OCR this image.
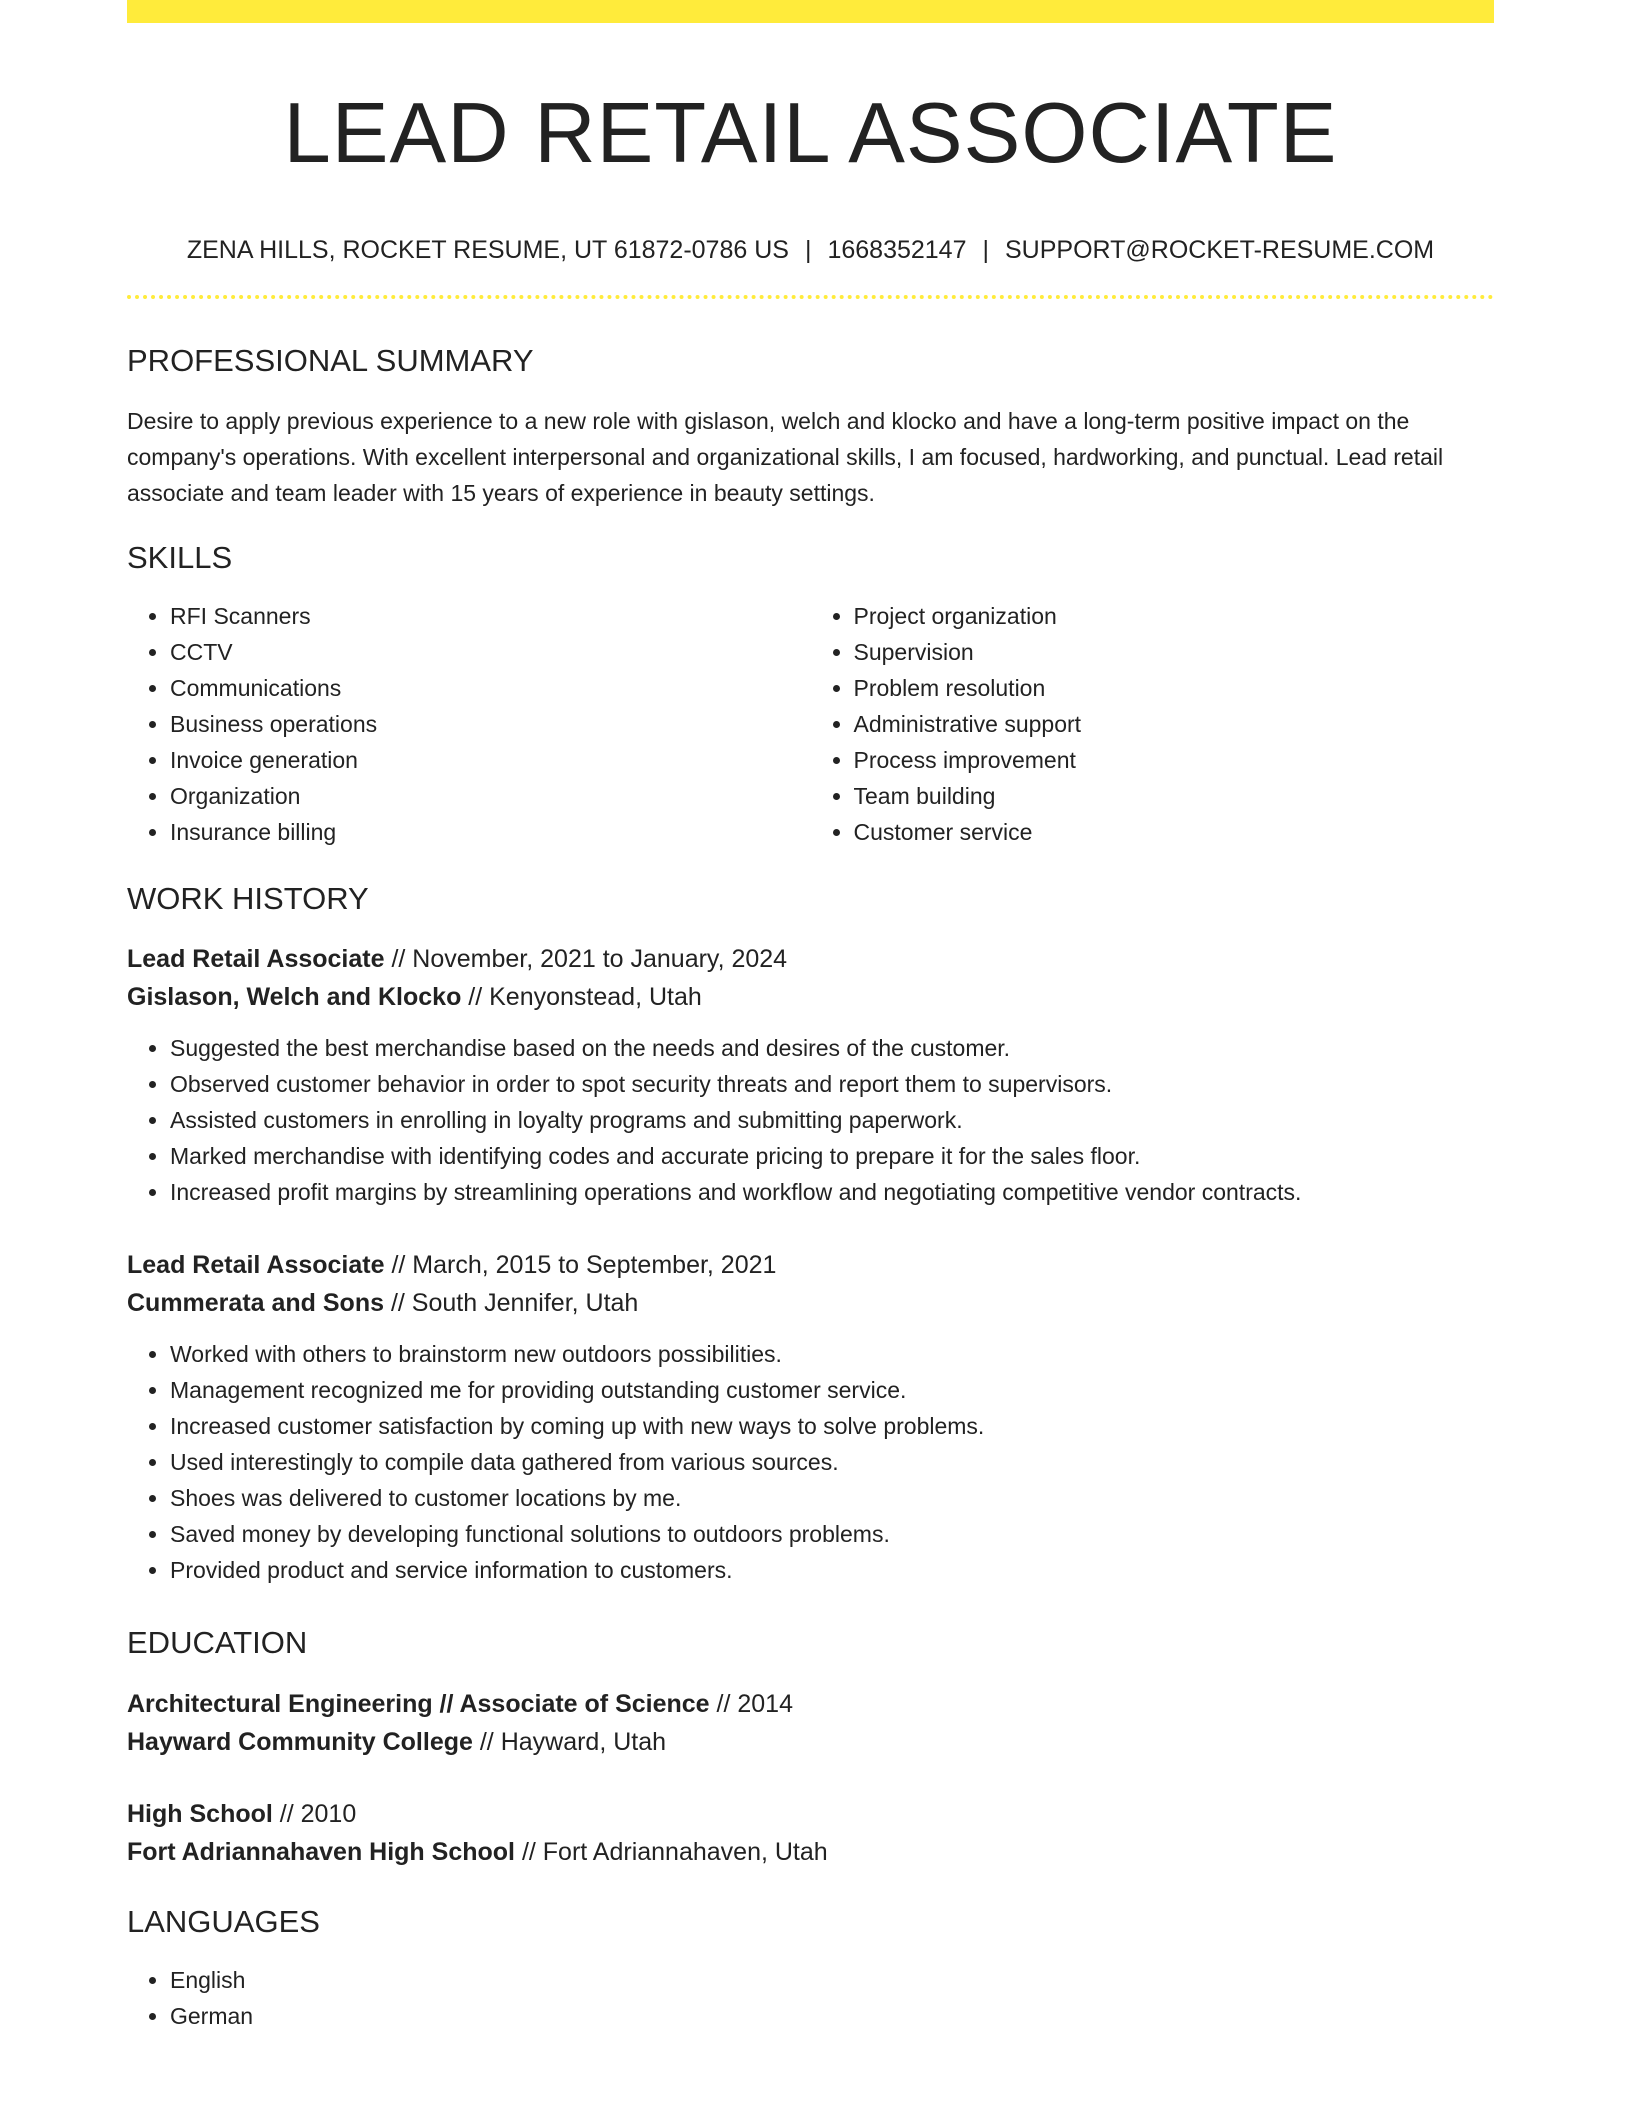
LEAD RETAIL ASSOCIATE
ZENA HILLS, ROCKET RESUME, UT 61872-0786 US | 1668352147 | SUPPORT@ROCKET-RESUME.COM
PROFESSIONAL SUMMARY

Desire to apply previous experience to a new role with gislason, welch and klocko and have a long-term positive impact on the company's operations. With excellent interpersonal and organizational skills, I am focused, hardworking, and punctual. Lead retail associate and team leader with 15 years of experience in beauty settings.

SKILLS
• RFI Scanners
• CCTV
• Communications
• Business operations
• Invoice generation
• Organization
• Insurance billing
• Project organization
• Supervision
• Problem resolution
• Administrative support
• Process improvement
• Team building
• Customer service
WORK HISTORY
Lead Retail Associate // November, 2021 to January, 2024
Gislason, Welch and Klocko // Kenyonstead, Utah
• Suggested the best merchandise based on the needs and desires of the customer.
• Observed customer behavior in order to spot security threats and report them to supervisors.
• Assisted customers in enrolling in loyalty programs and submitting paperwork.
• Marked merchandise with identifying codes and accurate pricing to prepare it for the sales floor.
• Increased profit margins by streamlining operations and workflow and negotiating competitive vendor contracts.
Lead Retail Associate // March, 2015 to September, 2021
Cummerata and Sons // South Jennifer, Utah
• Worked with others to brainstorm new outdoors possibilities.
• Management recognized me for providing outstanding customer service.
• Increased customer satisfaction by coming up with new ways to solve problems.
• Used interestingly to compile data gathered from various sources.
• Shoes was delivered to customer locations by me.
• Saved money by developing functional solutions to outdoors problems.
• Provided product and service information to customers.
EDUCATION
Architectural Engineering // Associate of Science // 2014
Hayward Community College // Hayward, Utah
High School // 2010
Fort Adriannahaven High School // Fort Adriannahaven, Utah
LANGUAGES
• English
• German
